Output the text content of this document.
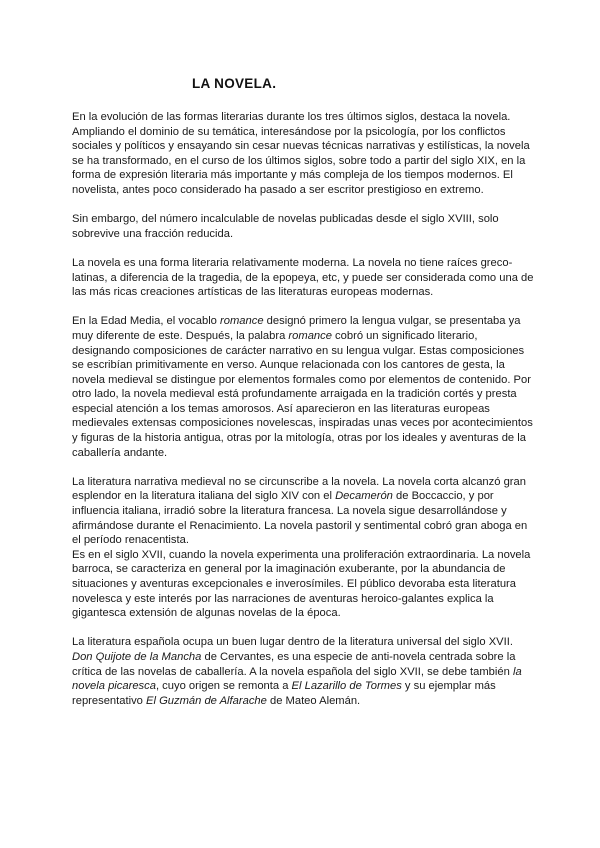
LA NOVELA.

En la evolución de las formas literarias durante los tres últimos siglos, destaca la novela. Ampliando el dominio de su temática, interesándose por la psicología, por los conflictos sociales y políticos y ensayando sin cesar nuevas técnicas narrativas y estilísticas, la novela se ha transformado, en el curso de los últimos siglos, sobre todo a partir del siglo XIX, en la forma de expresión literaria más importante y más compleja de los tiempos modernos. El novelista, antes poco considerado ha pasado a ser escritor prestigioso en extremo.

Sin embargo, del número incalculable de novelas publicadas desde el siglo XVIII, solo sobrevive una fracción reducida.

La novela es una forma literaria relativamente moderna. La novela no tiene raíces greco-latinas, a diferencia de la tragedia, de la epopeya, etc, y puede ser considerada como una de las más ricas creaciones artísticas de las literaturas europeas modernas.

En la Edad Media, el vocablo romance designó primero la lengua vulgar, se presentaba ya muy diferente de este. Después, la palabra romance cobró un significado literario, designando composiciones de carácter narrativo en su lengua vulgar. Estas composiciones se escribían primitivamente en verso. Aunque relacionada con los cantores de gesta, la novela medieval se distingue por elementos formales como por elementos de contenido. Por otro lado, la novela medieval está profundamente arraigada en la tradición cortés y presta especial atención a los temas amorosos. Así aparecieron en las literaturas europeas medievales extensas composiciones novelescas, inspiradas unas veces por acontecimientos y figuras de la historia antigua, otras por la mitología, otras por los ideales y aventuras de la caballería andante.

La literatura narrativa medieval no se circunscribe a la novela. La novela corta alcanzó gran esplendor en la literatura italiana del siglo XIV con el Decamerón de Boccaccio, y por influencia italiana, irradió sobre la literatura francesa. La novela sigue desarrollándose y afirmándose durante el Renacimiento. La novela pastoril y sentimental cobró gran aboga en el período renacentista.

Es en el siglo XVII, cuando la novela experimenta una proliferación extraordinaria. La novela barroca, se caracteriza en general por la imaginación exuberante, por la abundancia de situaciones y aventuras excepcionales e inverosímiles. El público devoraba esta literatura novelesca y este interés por las narraciones de aventuras heroico-galantes explica la gigantesca extensión de algunas novelas de la época.

La literatura española ocupa un buen lugar dentro de la literatura universal del siglo XVII. Don Quijote de la Mancha de Cervantes, es una especie de anti-novela centrada sobre la crítica de las novelas de caballería. A la novela española del siglo XVII, se debe también la novela picaresca, cuyo origen se remonta a El Lazarillo de Tormes y su ejemplar más representativo El Guzmán de Alfarache de Mateo Alemán.
